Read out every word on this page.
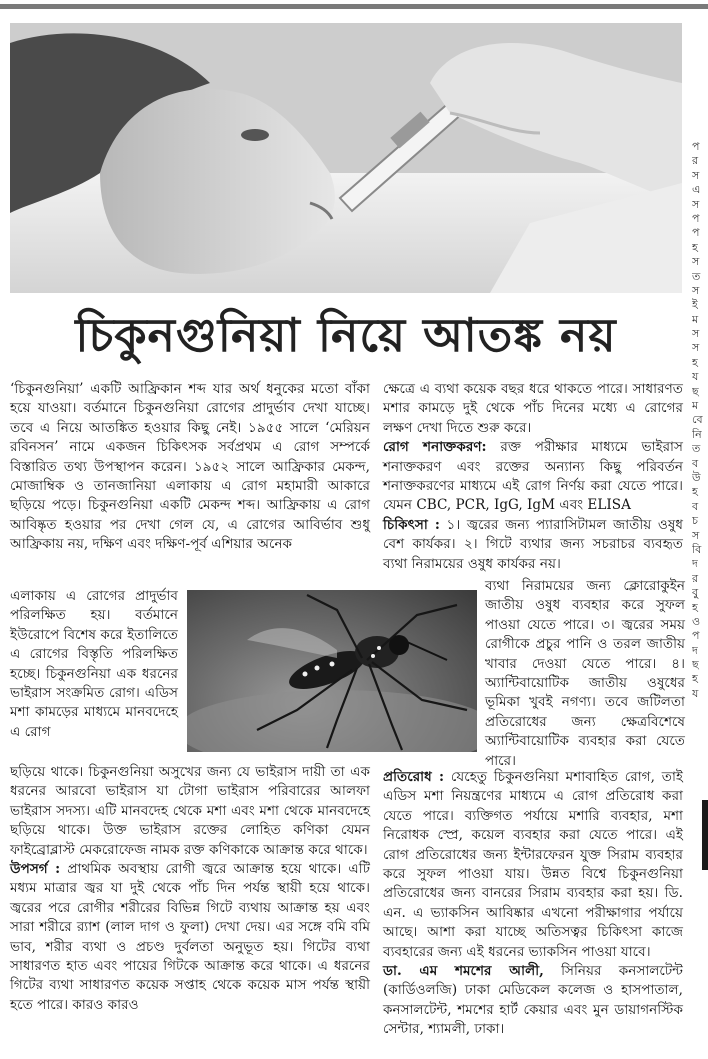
চিকুনগুনিয়া নিয়ে আতঙ্ক নয়

‘চিকুনগুনিয়া’ একটি আফ্রিকান শব্দ যার অর্থ ধনুকের মতো বাঁকা হয়ে যাওয়া। বর্তমানে চিকুনগুনিয়া রোগের প্রাদুর্ভাব দেখা যাচ্ছে। তবে এ নিয়ে আতঙ্কিত হওয়ার কিছু নেই। ১৯৫৫ সালে ‘মেরিয়ন রবিনসন’ নামে একজন চিকিৎসক সর্বপ্রথম এ রোগ সম্পর্কে বিস্তারিত তথ্য উপস্থাপন করেন। ১৯৫২ সালে আফ্রিকার মেকন্দ, মোজাম্বিক ও তানজানিয়া এলাকায় এ রোগ মহামারী আকারে ছড়িয়ে পড়ে। চিকুনগুনিয়া একটি মেকন্দ শব্দ। আফ্রিকায় এ রোগ আবিষ্কৃত হওয়ার পর দেখা গেল যে, এ রোগের আবির্ভাব শুধু আফ্রিকায় নয়, দক্ষিণ এবং দক্ষিণ-পূর্ব এশিয়ার অনেক

এলাকায় এ রোগের প্রাদুর্ভাব পরিলক্ষিত হয়। বর্তমানে ইউরোপে বিশেষ করে ইতালিতে এ রোগের বিস্তৃতি পরিলক্ষিত হচ্ছে। চিকুনগুনিয়া এক ধরনের ভাইরাস সংক্রমিত রোগ। এডিস মশা কামড়ের মাধ্যমে মানবদেহে এ রোগ

ছড়িয়ে থাকে। চিকুনগুনিয়া অসুখের জন্য যে ভাইরাস দায়ী তা এক ধরনের আরবো ভাইরাস যা টোগা ভাইরাস পরিবারের আলফা ভাইরাস সদস্য। এটি মানবদেহ থেকে মশা এবং মশা থেকে মানবদেহে ছড়িয়ে থাকে। উক্ত ভাইরাস রক্তের লোহিত কণিকা যেমন ফাইব্রোব্লাস্ট মেকরোফেজ নামক রক্ত কণিকাকে আক্রান্ত করে থাকে।

উপসর্গ : প্রাথমিক অবস্থায় রোগী জ্বরে আক্রান্ত হয়ে থাকে। এটি মধ্যম মাত্রার জ্বর যা দুই থেকে পাঁচ দিন পর্যন্ত স্থায়ী হয়ে থাকে। জ্বরের পরে রোগীর শরীরের বিভিন্ন গিটে ব্যথায় আক্রান্ত হয় এবং সারা শরীরে র‍্যাশ (লাল দাগ ও ফুলা) দেখা দেয়। এর সঙ্গে বমি বমি ভাব, শরীর ব্যথা ও প্রচণ্ড দুর্বলতা অনুভূত হয়। গিটের ব্যথা সাধারণত হাত এবং পায়ের গিটকে আক্রান্ত করে থাকে। এ ধরনের গিটের ব্যথা সাধারণত কয়েক সপ্তাহ থেকে কয়েক মাস পর্যন্ত স্থায়ী হতে পারে। কারও কারও

ক্ষেত্রে এ ব্যথা কয়েক বছর ধরে থাকতে পারে। সাধারণত মশার কামড়ে দুই থেকে পাঁচ দিনের মধ্যে এ রোগের লক্ষণ দেখা দিতে শুরু করে।

রোগ শনাক্তকরণ: রক্ত পরীক্ষার মাধ্যমে ভাইরাস শনাক্তকরণ এবং রক্তের অন্যান্য কিছু পরিবর্তন শনাক্তকরণের মাধ্যমে এই রোগ নির্ণয় করা যেতে পারে। যেমন CBC, PCR, IgG, IgM এবং ELISA

চিকিৎসা : ১। জ্বরের জন্য প্যারাসিটামল জাতীয় ওষুধ বেশ কার্যকর। ২। গিটে ব্যথার জন্য সচরাচর ব্যবহৃত ব্যথা নিরাময়ের ওষুধ কার্যকর নয়।

ব্যথা নিরাময়ের জন্য ক্লোরোকুইন জাতীয় ওষুধ ব্যবহার করে সুফল পাওয়া যেতে পারে। ৩। জ্বরের সময় রোগীকে প্রচুর পানি ও তরল জাতীয় খাবার দেওয়া যেতে পারে। ৪। অ্যান্টিবায়োটিক জাতীয় ওষুধের ভূমিকা খুবই নগণ্য। তবে জটিলতা প্রতিরোধের জন্য ক্ষেত্রবিশেষে অ্যান্টিবায়োটিক ব্যবহার করা যেতে পারে।

প্রতিরোধ : যেহেতু চিকুনগুনিয়া মশাবাহিত রোগ, তাই এডিস মশা নিয়ন্ত্রণের মাধ্যমে এ রোগ প্রতিরোধ করা যেতে পারে। ব্যক্তিগত পর্যায়ে মশারি ব্যবহার, মশা নিরোধক স্প্রে, কয়েল ব্যবহার করা যেতে পারে। এই রোগ প্রতিরোধের জন্য ইন্টারফেরন যুক্ত সিরাম ব্যবহার করে সুফল পাওয়া যায়। উন্নত বিশ্বে চিকুনগুনিয়া প্রতিরোধের জন্য বানরের সিরাম ব্যবহার করা হয়। ডি. এন. এ ভ্যাকসিন আবিষ্কার এখনো পরীক্ষাগার পর্যায়ে আছে। আশা করা যাচ্ছে অতিসত্বর চিকিৎসা কাজে ব্যবহারের জন্য এই ধরনের ভ্যাকসিন পাওয়া যাবে।

ডা. এম শমশের আলী, সিনিয়র কনসালটেন্ট (কার্ডিওলজি) ঢাকা মেডিকেল কলেজ ও হাসপাতাল, কনসালটেন্ট, শমশের হার্ট কেয়ার এবং মুন ডায়াগনস্টিক সেন্টার, শ্যামলী, ঢাকা।

প
র
স
এ
স
প
প
হ
স
ত
স
ই
ম
স
স
হ
য
ছ
ম
বে
নি
ত
ব
উ
হ
ব
চ
স
বি
দ
র
বু
হ
ও
প
দ
ছ
হ
য
